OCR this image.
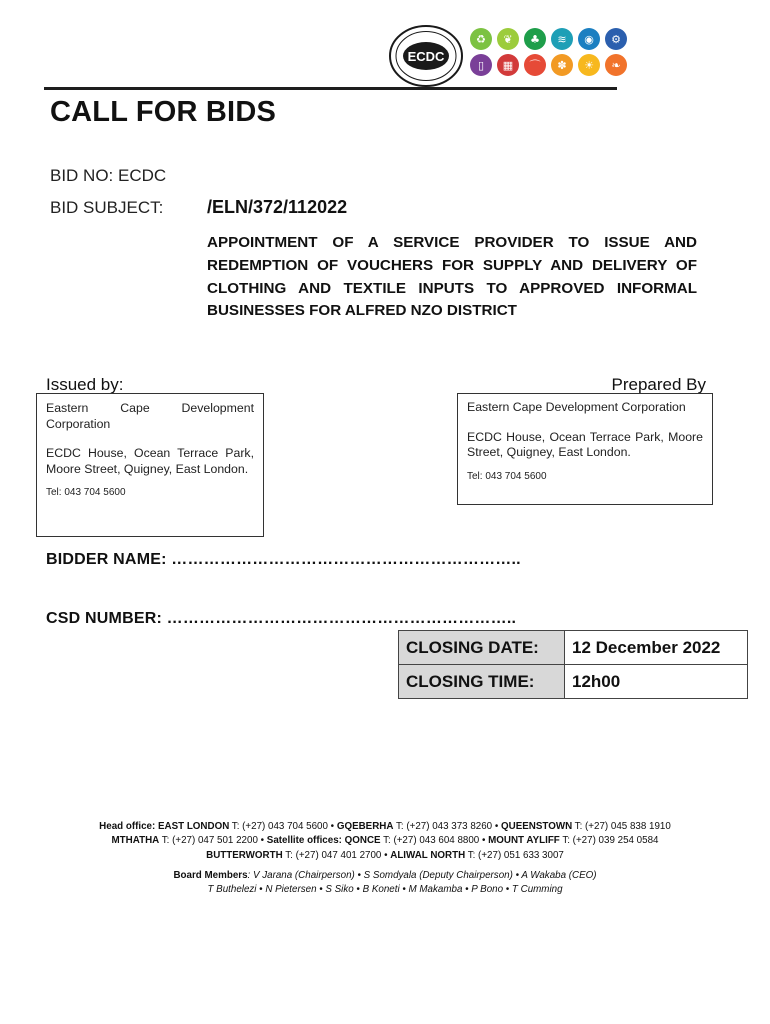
ECDC
♻	❦	♣	≋	◉	⚙
▯	▦	⌒	✽	☀	❧
CALL FOR BIDS
BID NO: ECDC
BID SUBJECT: /ELN/372/112022
APPOINTMENT OF A SERVICE PROVIDER TO ISSUE AND REDEMPTION OF VOUCHERS FOR SUPPLY AND DELIVERY OF CLOTHING AND TEXTILE INPUTS TO APPROVED INFORMAL BUSINESSES FOR ALFRED NZO DISTRICT
Issued by:	Prepared By

Eastern Cape Development Corporation

ECDC House, Ocean Terrace Park, Moore Street, Quigney, East London.

Tel: 043 704 5600

Eastern Cape Development Corporation

ECDC House, Ocean Terrace Park, Moore Street, Quigney, East London.

Tel: 043 704 5600

BIDDER NAME: ………………………………………………………..
CSD NUMBER: ………………………………………………………..
CLOSING DATE:	12 December 2022
CLOSING TIME:	12h00
Head office: EAST LONDON T: (+27) 043 704 5600 • GQEBERHA T: (+27) 043 373 8260 • QUEENSTOWN T: (+27) 045 838 1910
MTHATHA T: (+27) 047 501 2200 • Satellite offices: QONCE T: (+27) 043 604 8800 • MOUNT AYLIFF T: (+27) 039 254 0584
BUTTERWORTH T: (+27) 047 401 2700 • ALIWAL NORTH T: (+27) 051 633 3007
Board Members: V Jarana (Chairperson) • S Somdyala (Deputy Chairperson) • A Wakaba (CEO)
T Buthelezi • N Pietersen • S Siko • B Koneti • M Makamba • P Bono • T Cumming
